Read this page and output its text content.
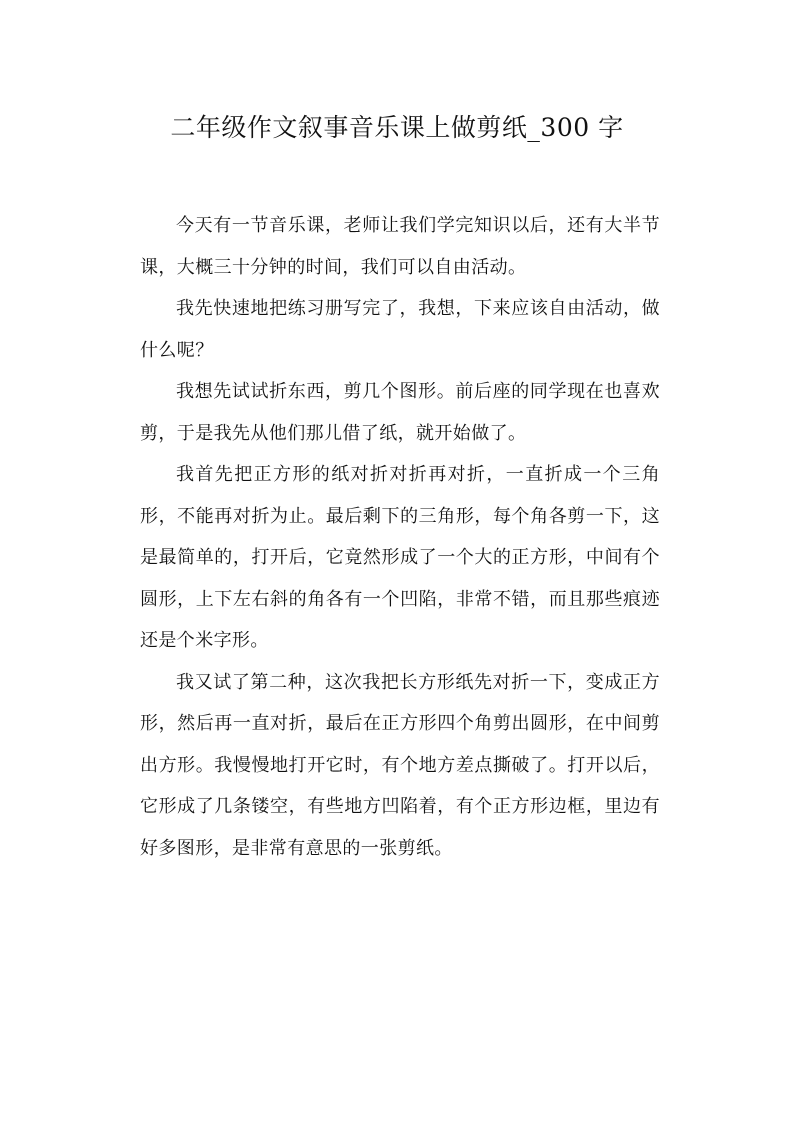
二年级作文叙事音乐课上做剪纸_300 字

今天有一节音乐课，老师让我们学完知识以后，还有大半节课，大概三十分钟的时间，我们可以自由活动。

我先快速地把练习册写完了，我想，下来应该自由活动，做什么呢？

我想先试试折东西，剪几个图形。前后座的同学现在也喜欢剪，于是我先从他们那儿借了纸，就开始做了。

我首先把正方形的纸对折对折再对折，一直折成一个三角形，不能再对折为止。最后剩下的三角形，每个角各剪一下，这是最简单的，打开后，它竟然形成了一个大的正方形，中间有个圆形，上下左右斜的角各有一个凹陷，非常不错，而且那些痕迹还是个米字形。

我又试了第二种，这次我把长方形纸先对折一下，变成正方形，然后再一直对折，最后在正方形四个角剪出圆形，在中间剪出方形。我慢慢地打开它时，有个地方差点撕破了。打开以后，它形成了几条镂空，有些地方凹陷着，有个正方形边框，里边有好多图形，是非常有意思的一张剪纸。
